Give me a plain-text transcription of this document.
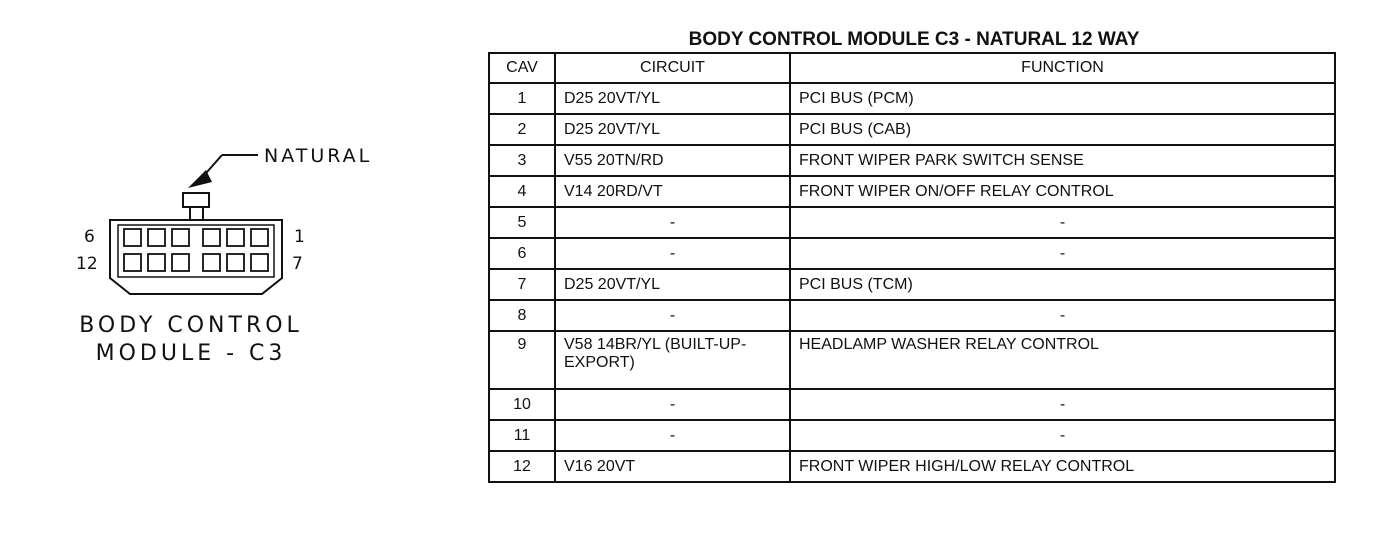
NATURAL
6
12
1
7
BODY CONTROL
MODULE - C3
BODY CONTROL MODULE C3 - NATURAL 12 WAY
CAV	CIRCUIT	FUNCTION
1	D25 20VT/YL	PCI BUS (PCM)
2	D25 20VT/YL	PCI BUS (CAB)
3	V55 20TN/RD	FRONT WIPER PARK SWITCH SENSE
4	V14 20RD/VT	FRONT WIPER ON/OFF RELAY CONTROL
5	-	-
6	-	-
7	D25 20VT/YL	PCI BUS (TCM)
8	-	-
9	V58 14BR/YL (BUILT-UP-EXPORT)	HEADLAMP WASHER RELAY CONTROL
10	-	-
11	-	-
12	V16 20VT	FRONT WIPER HIGH/LOW RELAY CONTROL
